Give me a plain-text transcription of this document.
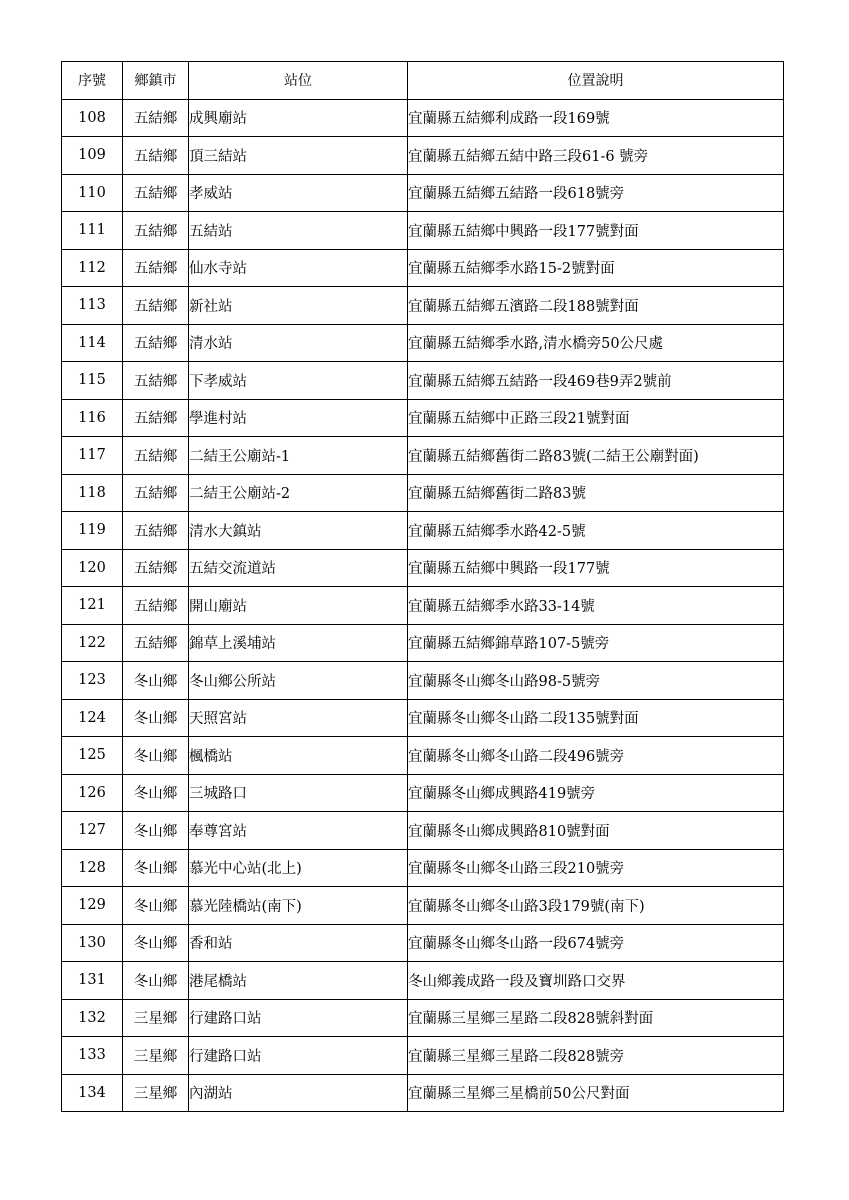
序號	鄉鎮市	站位	位置說明
108	五結鄉	成興廟站	宜蘭縣五結鄉利成路一段169號
109	五結鄉	頂三結站	宜蘭縣五結鄉五結中路三段61-6 號旁
110	五結鄉	孝威站	宜蘭縣五結鄉五結路一段618號旁
111	五結鄉	五結站	宜蘭縣五結鄉中興路一段177號對面
112	五結鄉	仙水寺站	宜蘭縣五結鄉季水路15-2號對面
113	五結鄉	新社站	宜蘭縣五結鄉五濱路二段188號對面
114	五結鄉	清水站	宜蘭縣五結鄉季水路,清水橋旁50公尺處
115	五結鄉	下孝威站	宜蘭縣五結鄉五結路一段469巷9弄2號前
116	五結鄉	學進村站	宜蘭縣五結鄉中正路三段21號對面
117	五結鄉	二結王公廟站-1	宜蘭縣五結鄉舊街二路83號(二結王公廟對面)
118	五結鄉	二結王公廟站-2	宜蘭縣五結鄉舊街二路83號
119	五結鄉	清水大鎮站	宜蘭縣五結鄉季水路42-5號
120	五結鄉	五結交流道站	宜蘭縣五結鄉中興路一段177號
121	五結鄉	開山廟站	宜蘭縣五結鄉季水路33-14號
122	五結鄉	錦草上溪埔站	宜蘭縣五結鄉錦草路107-5號旁
123	冬山鄉	冬山鄉公所站	宜蘭縣冬山鄉冬山路98-5號旁
124	冬山鄉	天照宮站	宜蘭縣冬山鄉冬山路二段135號對面
125	冬山鄉	楓橋站	宜蘭縣冬山鄉冬山路二段496號旁
126	冬山鄉	三城路口	宜蘭縣冬山鄉成興路419號旁
127	冬山鄉	奉尊宮站	宜蘭縣冬山鄉成興路810號對面
128	冬山鄉	慕光中心站(北上)	宜蘭縣冬山鄉冬山路三段210號旁
129	冬山鄉	慕光陸橋站(南下)	宜蘭縣冬山鄉冬山路3段179號(南下)
130	冬山鄉	香和站	宜蘭縣冬山鄉冬山路一段674號旁
131	冬山鄉	港尾橋站	冬山鄉義成路一段及寶圳路口交界
132	三星鄉	行建路口站	宜蘭縣三星鄉三星路二段828號斜對面
133	三星鄉	行建路口站	宜蘭縣三星鄉三星路二段828號旁
134	三星鄉	內湖站	宜蘭縣三星鄉三星橋前50公尺對面
